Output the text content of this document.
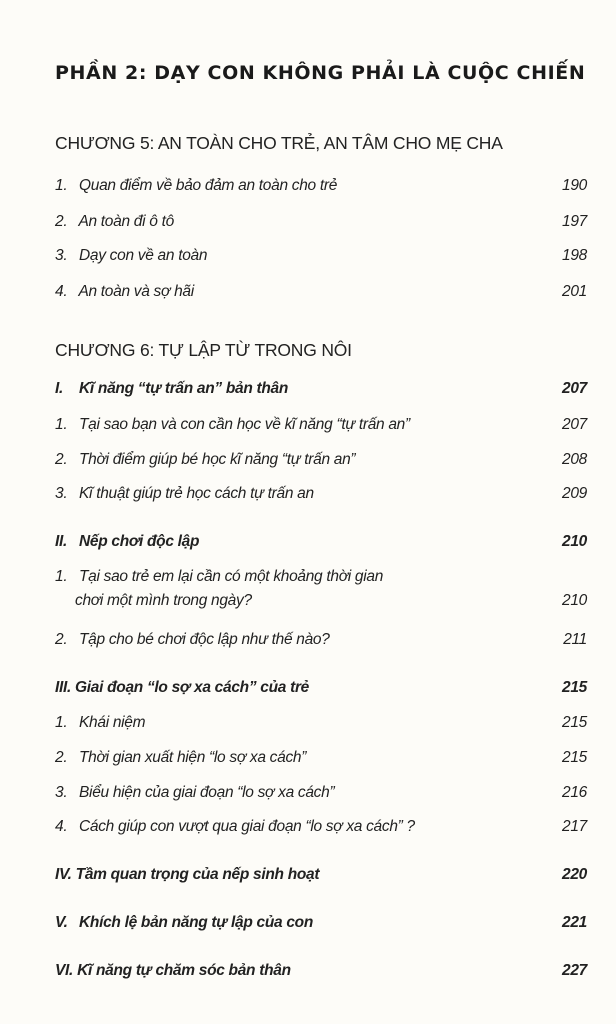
PHẦN 2: DẠY CON KHÔNG PHẢI LÀ CUỘC CHIẾN
CHƯƠNG 5: AN TOÀN CHO TRẺ, AN TÂM CHO MẸ CHA
1. Quan điểm về bảo đảm an toàn cho trẻ	190
2. An toàn đi ô tô	197
3. Dạy con về an toàn	198
4. An toàn và sợ hãi	201
CHƯƠNG 6: TỰ LẬP TỪ TRONG NÔI
I. Kĩ năng “tự trấn an” bản thân	207
1. Tại sao bạn và con cần học về kĩ năng “tự trấn an”	207
2. Thời điểm giúp bé học kĩ năng “tự trấn an”	208
3. Kĩ thuật giúp trẻ học cách tự trấn an	209
II. Nếp chơi độc lập	210
1. Tại sao trẻ em lại cần có một khoảng thời gian
chơi một mình trong ngày?	210
2. Tập cho bé chơi độc lập như thế nào?	211
III. Giai đoạn “lo sợ xa cách” của trẻ	215
1. Khái niệm	215
2. Thời gian xuất hiện “lo sợ xa cách”	215
3. Biểu hiện của giai đoạn “lo sợ xa cách”	216
4. Cách giúp con vượt qua giai đoạn “lo sợ xa cách” ?	217
IV. Tầm quan trọng của nếp sinh hoạt	220
V. Khích lệ bản năng tự lập của con	221
VI. Kĩ năng tự chăm sóc bản thân	227
